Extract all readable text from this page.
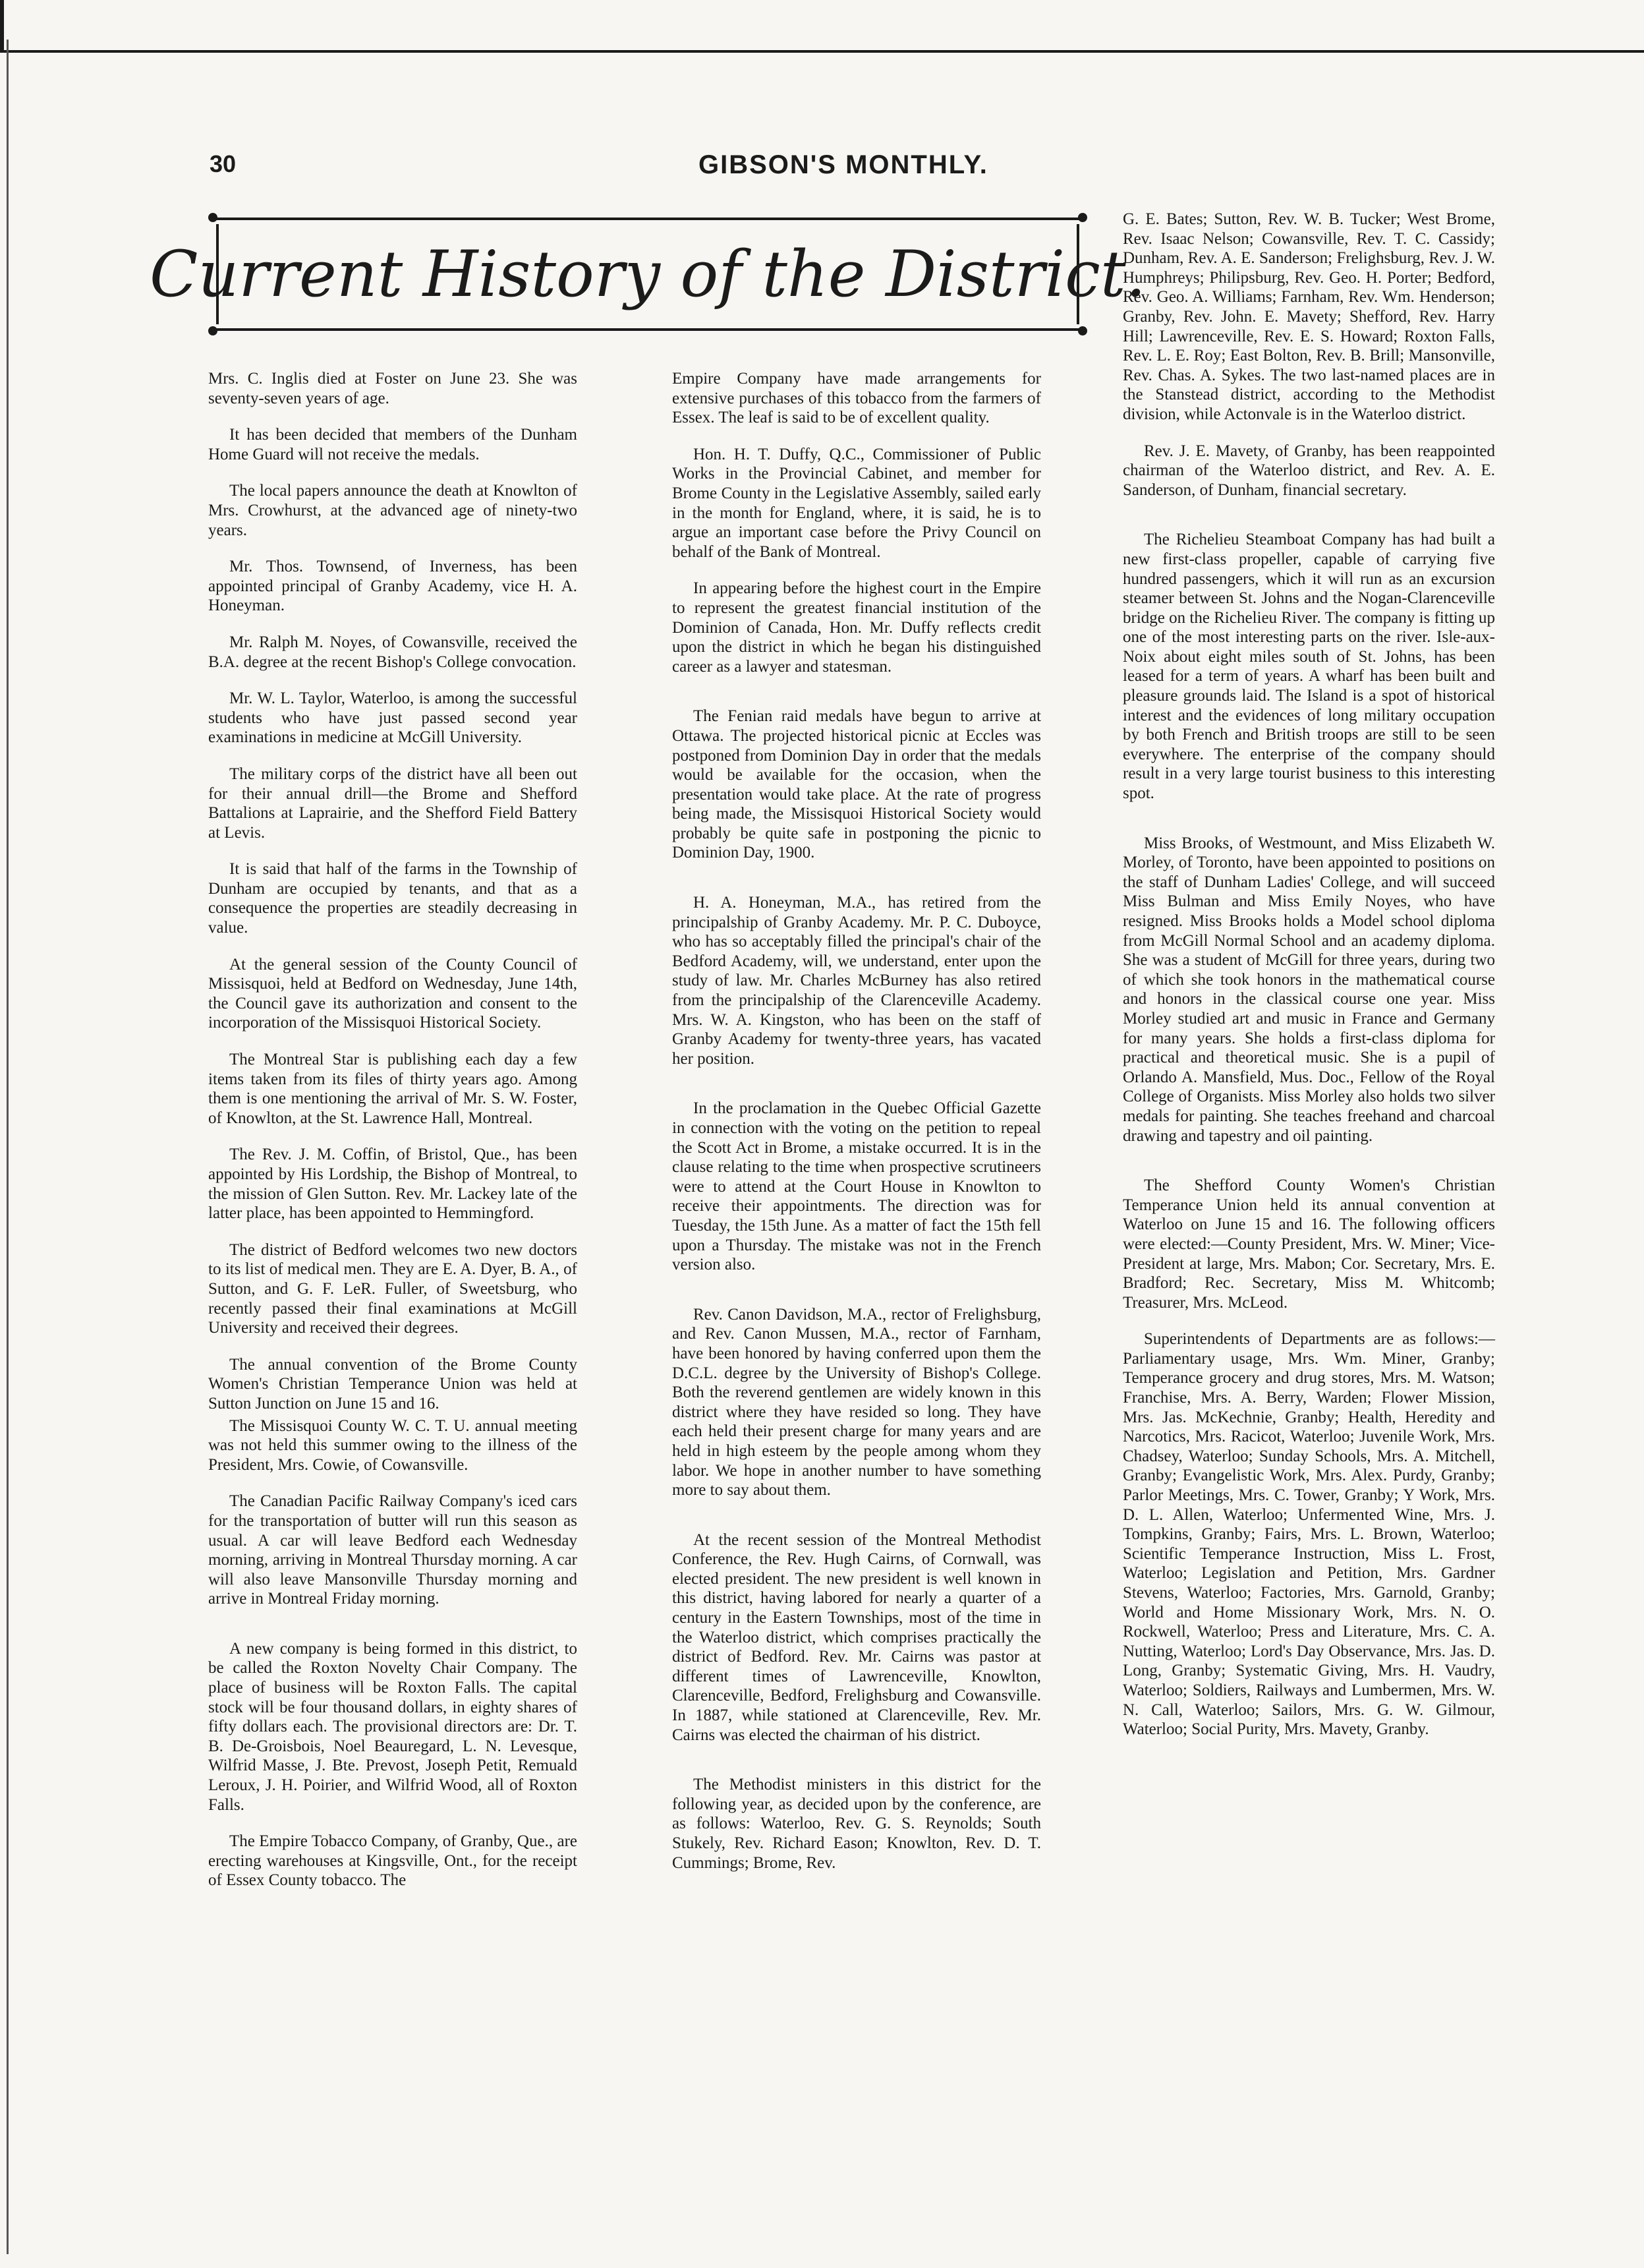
30	GIBSON'S MONTHLY.
Current History of the District.

Mrs. C. Inglis died at Foster on June 23. She was seventy-seven years of age.

It has been decided that members of the Dunham Home Guard will not receive the medals.

The local papers announce the death at Knowlton of Mrs. Crowhurst, at the advanced age of ninety-two years.

Mr. Thos. Townsend, of Inverness, has been appointed principal of Granby Academy, vice H. A. Honeyman.

Mr. Ralph M. Noyes, of Cowansville, received the B.A. degree at the recent Bishop's College convocation.

Mr. W. L. Taylor, Waterloo, is among the successful students who have just passed second year examinations in medicine at McGill University.

The military corps of the district have all been out for their annual drill—the Brome and Shefford Battalions at Laprairie, and the Shefford Field Battery at Levis.

It is said that half of the farms in the Township of Dunham are occupied by tenants, and that as a consequence the properties are steadily decreasing in value.

At the general session of the County Council of Missisquoi, held at Bedford on Wednesday, June 14th, the Council gave its authorization and consent to the incorporation of the Missisquoi Historical Society.

The Montreal Star is publishing each day a few items taken from its files of thirty years ago. Among them is one mentioning the arrival of Mr. S. W. Foster, of Knowlton, at the St. Lawrence Hall, Montreal.

The Rev. J. M. Coffin, of Bristol, Que., has been appointed by His Lordship, the Bishop of Montreal, to the mission of Glen Sutton. Rev. Mr. Lackey late of the latter place, has been appointed to Hemmingford.

The district of Bedford welcomes two new doctors to its list of medical men. They are E. A. Dyer, B. A., of Sutton, and G. F. LeR. Fuller, of Sweetsburg, who recently passed their final examinations at McGill University and received their degrees.

The annual convention of the Brome County Women's Christian Temperance Union was held at Sutton Junction on June 15 and 16.

The Missisquoi County W. C. T. U. annual meeting was not held this summer owing to the illness of the President, Mrs. Cowie, of Cowansville.

The Canadian Pacific Railway Company's iced cars for the transportation of butter will run this season as usual. A car will leave Bedford each Wednesday morning, arriving in Montreal Thursday morning. A car will also leave Mansonville Thursday morning and arrive in Montreal Friday morning.

A new company is being formed in this district, to be called the Roxton Novelty Chair Company. The place of business will be Roxton Falls. The capital stock will be four thousand dollars, in eighty shares of fifty dollars each. The provisional directors are: Dr. T. B. De-Groisbois, Noel Beauregard, L. N. Levesque, Wilfrid Masse, J. Bte. Prevost, Joseph Petit, Remuald Leroux, J. H. Poirier, and Wilfrid Wood, all of Roxton Falls.

The Empire Tobacco Company, of Granby, Que., are erecting warehouses at Kingsville, Ont., for the receipt of Essex County tobacco. The

Empire Company have made arrangements for extensive purchases of this tobacco from the farmers of Essex. The leaf is said to be of excellent quality.

Hon. H. T. Duffy, Q.C., Commissioner of Public Works in the Provincial Cabinet, and member for Brome County in the Legislative Assembly, sailed early in the month for England, where, it is said, he is to argue an important case before the Privy Council on behalf of the Bank of Montreal.

In appearing before the highest court in the Empire to represent the greatest financial institution of the Dominion of Canada, Hon. Mr. Duffy reflects credit upon the district in which he began his distinguished career as a lawyer and statesman.

The Fenian raid medals have begun to arrive at Ottawa. The projected historical picnic at Eccles was postponed from Dominion Day in order that the medals would be available for the occasion, when the presentation would take place. At the rate of progress being made, the Missisquoi Historical Society would probably be quite safe in postponing the picnic to Dominion Day, 1900.

H. A. Honeyman, M.A., has retired from the principalship of Granby Academy. Mr. P. C. Duboyce, who has so acceptably filled the principal's chair of the Bedford Academy, will, we understand, enter upon the study of law. Mr. Charles McBurney has also retired from the principalship of the Clarenceville Academy. Mrs. W. A. Kingston, who has been on the staff of Granby Academy for twenty-three years, has vacated her position.

In the proclamation in the Quebec Official Gazette in connection with the voting on the petition to repeal the Scott Act in Brome, a mistake occurred. It is in the clause relating to the time when prospective scrutineers were to attend at the Court House in Knowlton to receive their appointments. The direction was for Tuesday, the 15th June. As a matter of fact the 15th fell upon a Thursday. The mistake was not in the French version also.

Rev. Canon Davidson, M.A., rector of Frelighsburg, and Rev. Canon Mussen, M.A., rector of Farnham, have been honored by having conferred upon them the D.C.L. degree by the University of Bishop's College. Both the reverend gentlemen are widely known in this district where they have resided so long. They have each held their present charge for many years and are held in high esteem by the people among whom they labor. We hope in another number to have something more to say about them.

At the recent session of the Montreal Methodist Conference, the Rev. Hugh Cairns, of Cornwall, was elected president. The new president is well known in this district, having labored for nearly a quarter of a century in the Eastern Townships, most of the time in the Waterloo district, which comprises practically the district of Bedford. Rev. Mr. Cairns was pastor at different times of Lawrenceville, Knowlton, Clarenceville, Bedford, Frelighsburg and Cowansville. In 1887, while stationed at Clarenceville, Rev. Mr. Cairns was elected the chairman of his district.

The Methodist ministers in this district for the following year, as decided upon by the conference, are as follows: Waterloo, Rev. G. S. Reynolds; South Stukely, Rev. Richard Eason; Knowlton, Rev. D. T. Cummings; Brome, Rev.

G. E. Bates; Sutton, Rev. W. B. Tucker; West Brome, Rev. Isaac Nelson; Cowansville, Rev. T. C. Cassidy; Dunham, Rev. A. E. Sanderson; Frelighsburg, Rev. J. W. Humphreys; Philipsburg, Rev. Geo. H. Porter; Bedford, Rev. Geo. A. Williams; Farnham, Rev. Wm. Henderson; Granby, Rev. John. E. Mavety; Shefford, Rev. Harry Hill; Lawrenceville, Rev. E. S. Howard; Roxton Falls, Rev. L. E. Roy; East Bolton, Rev. B. Brill; Mansonville, Rev. Chas. A. Sykes. The two last-named places are in the Stanstead district, according to the Methodist division, while Actonvale is in the Waterloo district.

Rev. J. E. Mavety, of Granby, has been reappointed chairman of the Waterloo district, and Rev. A. E. Sanderson, of Dunham, financial secretary.

The Richelieu Steamboat Company has had built a new first-class propeller, capable of carrying five hundred passengers, which it will run as an excursion steamer between St. Johns and the Nogan-Clarenceville bridge on the Richelieu River. The company is fitting up one of the most interesting parts on the river. Isle-aux-Noix about eight miles south of St. Johns, has been leased for a term of years. A wharf has been built and pleasure grounds laid. The Island is a spot of historical interest and the evidences of long military occupation by both French and British troops are still to be seen everywhere. The enterprise of the company should result in a very large tourist business to this interesting spot.

Miss Brooks, of Westmount, and Miss Elizabeth W. Morley, of Toronto, have been appointed to positions on the staff of Dunham Ladies' College, and will succeed Miss Bulman and Miss Emily Noyes, who have resigned. Miss Brooks holds a Model school diploma from McGill Normal School and an academy diploma. She was a student of McGill for three years, during two of which she took honors in the mathematical course and honors in the classical course one year. Miss Morley studied art and music in France and Germany for many years. She holds a first-class diploma for practical and theoretical music. She is a pupil of Orlando A. Mansfield, Mus. Doc., Fellow of the Royal College of Organists. Miss Morley also holds two silver medals for painting. She teaches freehand and charcoal drawing and tapestry and oil painting.

The Shefford County Women's Christian Temperance Union held its annual convention at Waterloo on June 15 and 16. The following officers were elected:—County President, Mrs. W. Miner; Vice-President at large, Mrs. Mabon; Cor. Secretary, Mrs. E. Bradford; Rec. Secretary, Miss M. Whitcomb; Treasurer, Mrs. McLeod.

Superintendents of Departments are as follows:—Parliamentary usage, Mrs. Wm. Miner, Granby; Temperance grocery and drug stores, Mrs. M. Watson; Franchise, Mrs. A. Berry, Warden; Flower Mission, Mrs. Jas. McKechnie, Granby; Health, Heredity and Narcotics, Mrs. Racicot, Waterloo; Juvenile Work, Mrs. Chadsey, Waterloo; Sunday Schools, Mrs. A. Mitchell, Granby; Evangelistic Work, Mrs. Alex. Purdy, Granby; Parlor Meetings, Mrs. C. Tower, Granby; Y Work, Mrs. D. L. Allen, Waterloo; Unfermented Wine, Mrs. J. Tompkins, Granby; Fairs, Mrs. L. Brown, Waterloo; Scientific Temperance Instruction, Miss L. Frost, Waterloo; Legislation and Petition, Mrs. Gardner Stevens, Waterloo; Factories, Mrs. Garnold, Granby; World and Home Missionary Work, Mrs. N. O. Rockwell, Waterloo; Press and Literature, Mrs. C. A. Nutting, Waterloo; Lord's Day Observance, Mrs. Jas. D. Long, Granby; Systematic Giving, Mrs. H. Vaudry, Waterloo; Soldiers, Railways and Lumbermen, Mrs. W. N. Call, Waterloo; Sailors, Mrs. G. W. Gilmour, Waterloo; Social Purity, Mrs. Mavety, Granby.
